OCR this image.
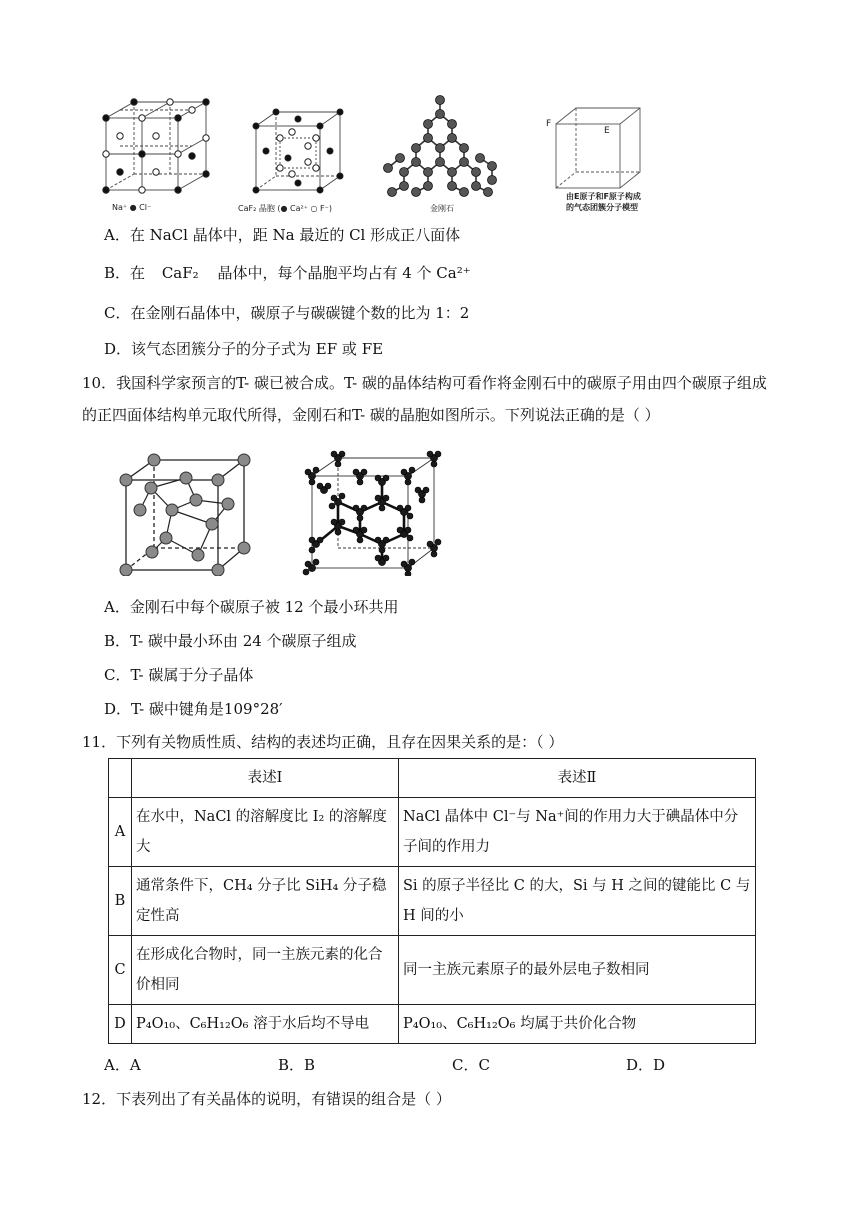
Na⁺ ● Cl⁻	CaF₂ 晶胞 (● Ca²⁺ ○ F⁻)	金刚石
F
E
由E原子和F原子构成
的气态团簇分子模型
A．在 NaCl 晶体中，距 Na 最近的 Cl 形成正八面体
B．在 CaF₂ 晶体中，每个晶胞平均占有 4 个 Ca²⁺
C．在金刚石晶体中，碳原子与碳碳键个数的比为 1：2
D．该气态团簇分子的分子式为 EF 或 FE
10．我国科学家预言的T- 碳已被合成。T- 碳的晶体结构可看作将金刚石中的碳原子用由四个碳原子组成
的正四面体结构单元取代所得，金刚石和T- 碳的晶胞如图所示。下列说法正确的是（ ）
A．金刚石中每个碳原子被 12 个最小环共用
B．T- 碳中最小环由 24 个碳原子组成
C．T- 碳属于分子晶体
D．T- 碳中键角是109°28′
11．下列有关物质性质、结构的表述均正确，且存在因果关系的是：（ ）
	表述Ⅰ	表述Ⅱ
A	在水中，NaCl 的溶解度比 I₂ 的溶解度大	NaCl 晶体中 Cl⁻与 Na⁺间的作用力大于碘晶体中分子间的作用力
B	通常条件下，CH₄ 分子比 SiH₄ 分子稳定性高	Si 的原子半径比 C 的大，Si 与 H 之间的键能比 C 与 H 间的小
C	在形成化合物时，同一主族元素的化合价相同	同一主族元素原子的最外层电子数相同
D	P₄O₁₀、C₆H₁₂O₆ 溶于水后均不导电	P₄O₁₀、C₆H₁₂O₆ 均属于共价化合物
A．A	B．B	C．C	D．D
12．下表列出了有关晶体的说明，有错误的组合是（ ）
